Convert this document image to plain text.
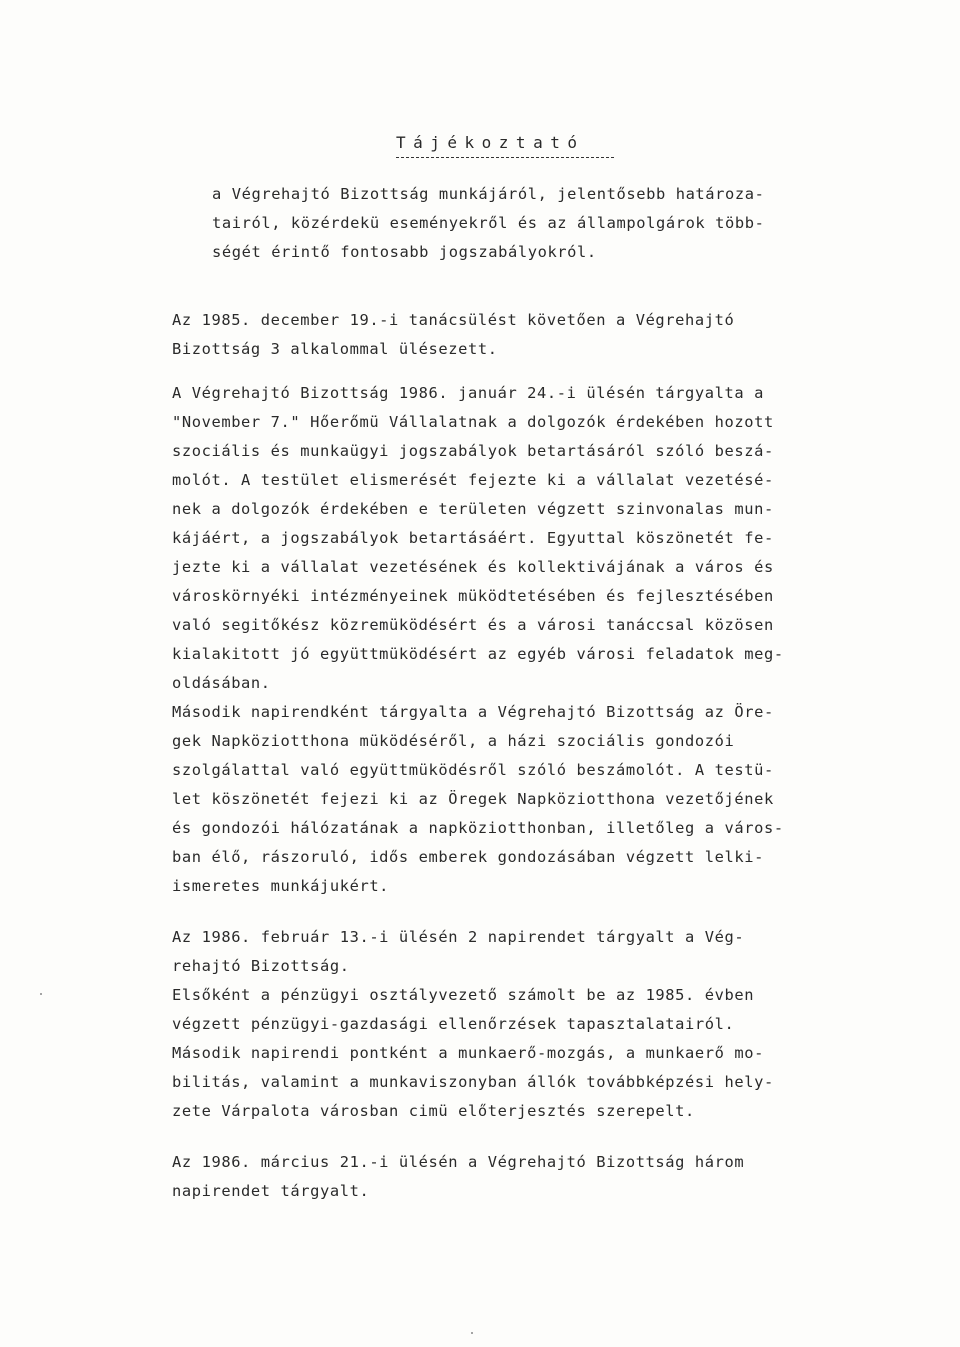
Tájékoztató
a Végrehajtó Bizottság munkájáról, jelentősebb határoza-
tairól, közérdekü eseményekről és az állampolgárok több-
ségét érintő fontosabb jogszabályokról.
Az 1985. december 19.-i tanácsülést követően a Végrehajtó
Bizottság 3 alkalommal ülésezett.
A Végrehajtó Bizottság 1986. január 24.-i ülésén tárgyalta a
"November 7." Hőerőmü Vállalatnak a dolgozók érdekében hozott
szociális és munkaügyi jogszabályok betartásáról szóló beszá-
molót. A testület elismerését fejezte ki a vállalat vezetésé-
nek a dolgozók érdekében e területen végzett szinvonalas mun-
kájáért, a jogszabályok betartásáért. Egyuttal köszönetét fe-
jezte ki a vállalat vezetésének és kollektivájának a város és
városkörnyéki intézményeinek müködtetésében és fejlesztésében
való segitőkész közremüködésért és a városi tanáccsal közösen
kialakitott jó együttmüködésért az egyéb városi feladatok meg-
oldásában.
Második napirendként tárgyalta a Végrehajtó Bizottság az Öre-
gek Napköziotthona müködéséről, a házi szociális gondozói
szolgálattal való együttmüködésről szóló beszámolót. A testü-
let köszönetét fejezi ki az Öregek Napköziotthona vezetőjének
és gondozói hálózatának a napköziotthonban, illetőleg a város-
ban élő, rászoruló, idős emberek gondozásában végzett lelki-
ismeretes munkájukért.
Az 1986. február 13.-i ülésén 2 napirendet tárgyalt a Vég-
rehajtó Bizottság.
Elsőként a pénzügyi osztályvezető számolt be az 1985. évben
végzett pénzügyi-gazdasági ellenőrzések tapasztalatairól.
Második napirendi pontként a munkaerő-mozgás, a munkaerő mo-
bilitás, valamint a munkaviszonyban állók továbbképzési hely-
zete Várpalota városban cimü előterjesztés szerepelt.
Az 1986. március 21.-i ülésén a Végrehajtó Bizottság három
napirendet tárgyalt.
